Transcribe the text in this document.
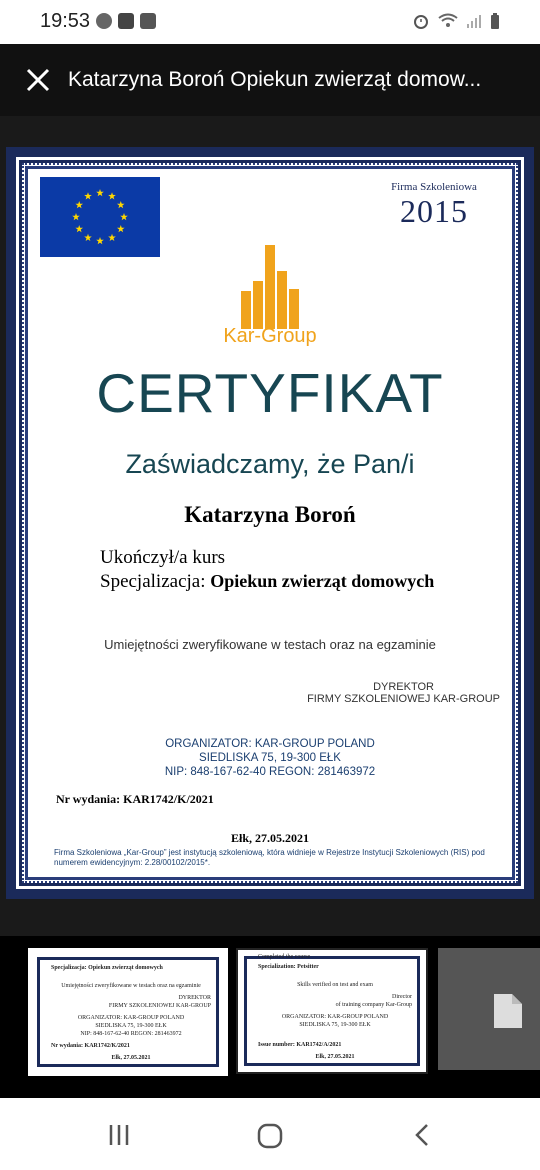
19:53
Katarzyna Boroń Opiekun zwierząt domow...
Firma Szkoleniowa
2015
Kar-Group
CERTYFIKAT
Zaświadczamy, że Pan/i
Katarzyna Boroń
Ukończył/a kurs
Specjalizacja: Opiekun zwierząt domowych
Umiejętności zweryfikowane w testach oraz na egzaminie
DYREKTOR
FIRMY SZKOLENIOWEJ KAR-GROUP
ORGANIZATOR: KAR-GROUP POLAND
SIEDLISKA 75, 19-300 EŁK
NIP: 848-167-62-40 REGON: 281463972
Nr wydania: KAR1742/K/2021
Ełk, 27.05.2021
Firma Szkoleniowa „Kar-Group” jest instytucją szkoleniową, która widnieje w Rejestrze Instytucji Szkoleniowych (RIS) pod numerem ewidencyjnym: 2.28/00102/2015*.
Specjalizacja: Opiekun zwierząt domowych
Umiejętności zweryfikowane w testach oraz na egzaminie
DYREKTOR
FIRMY SZKOLENIOWEJ KAR-GROUP
ORGANIZATOR: KAR-GROUP POLAND
SIEDLISKA 75, 19-300 EŁK
NIP: 848-167-62-40 REGON: 281463972
Nr wydania: KAR1742/K/2021
Ełk, 27.05.2021
Completed the course
Specialization: Petsitter
Skills verified on test and exam
Director
of training company Kar-Group
ORGANIZATOR: KAR-GROUP POLAND
SIEDLISKA 75, 19-300 EŁK
Issue number: KAR1742/A/2021
Ełk, 27.05.2021
